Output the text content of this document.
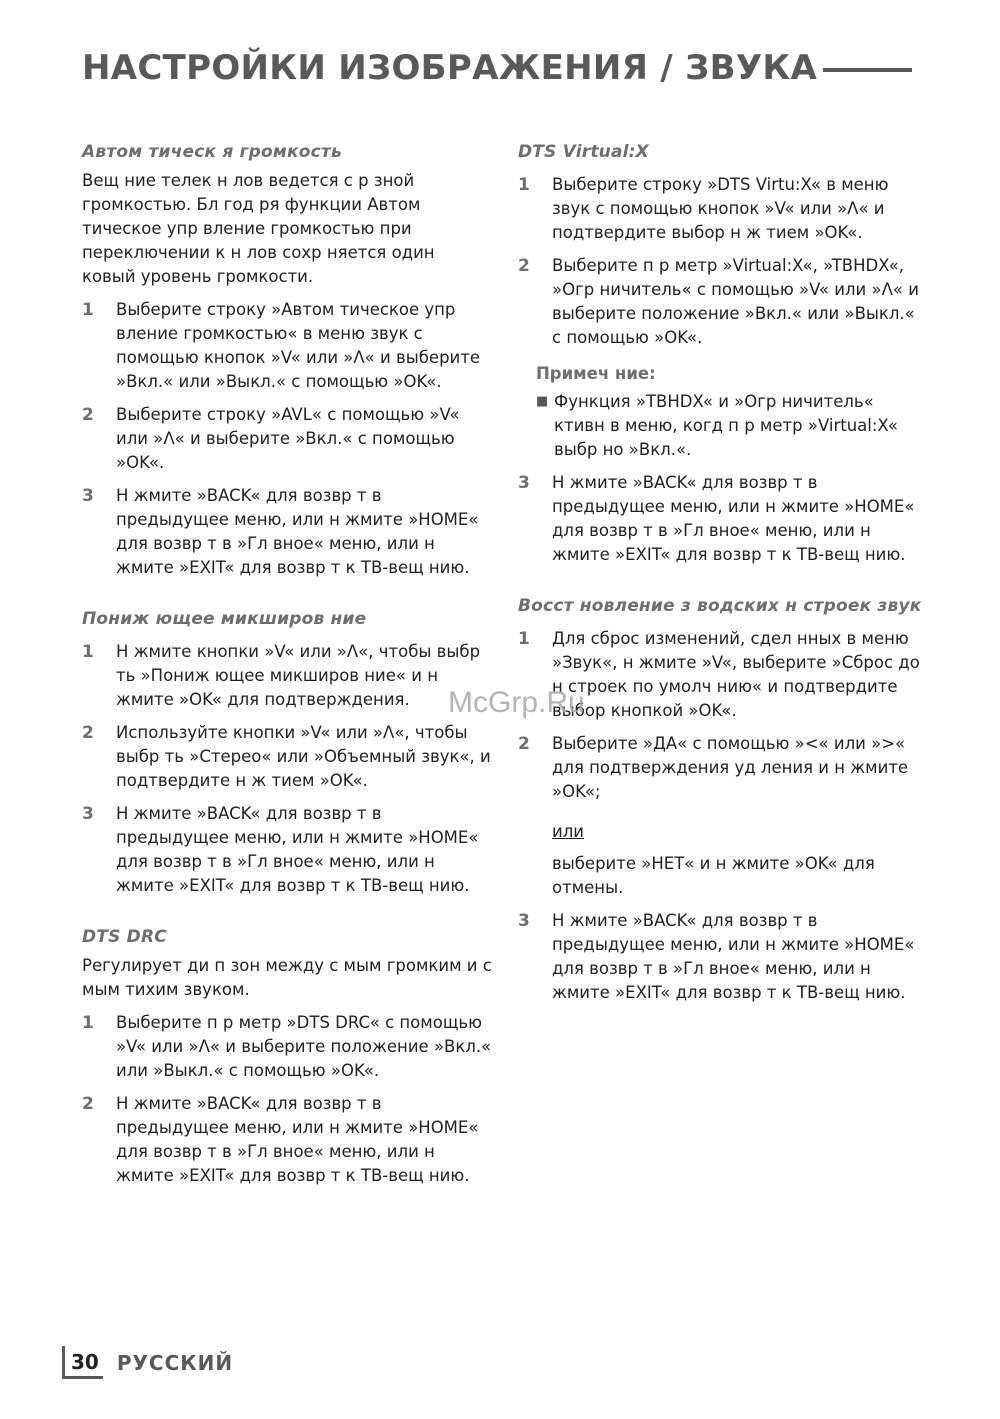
НАСТРОЙКИ ИЗОБРАЖЕНИЯ / ЗВУКА
Автом тическ я громкость
Вещ ние телек н лов ведется с р зной громкостью. Бл год ря функции Автом тическое упр вление громкостью при переключении к н лов сохр няется один ковый уровень громкости.
1	Выберите строку »Автом тическое упр вление громкостью« в меню звук с помощью кнопок »V« или »Λ« и выберите »Вкл.« или »Выкл.« с помощью »OK«.
2	Выберите строку »AVL« с помощью »V« или »Λ« и выберите »Вкл.« с помощью »OK«.
3	Н жмите »BACK« для возвр т в предыдущее меню, или н жмите »HOME« для возвр т в »Гл вное« меню, или н жмите »EXIT« для возвр т к ТВ-вещ нию.
Пониж ющее микширов ние
1	Н жмите кнопки »V« или »Λ«, чтобы выбр ть »Пониж ющее микширов ние« и н жмите »OK« для подтверждения.
2	Используйте кнопки »V« или »Λ«, чтобы выбр ть »Стерео« или »Объемный звук«, и подтвердите н ж тием »OK«.
3	Н жмите »BACK« для возвр т в предыдущее меню, или н жмите »HOME« для возвр т в »Гл вное« меню, или н жмите »EXIT« для возвр т к ТВ-вещ нию.
DTS DRC
Регулирует ди п зон между с мым громким и с мым тихим звуком.
1	Выберите п р метр »DTS DRC« с помощью »V« или »Λ« и выберите положение »Вкл.« или »Выкл.« с помощью »OK«.
2	Н жмите »BACK« для возвр т в предыдущее меню, или н жмите »HOME« для возвр т в »Гл вное« меню, или н жмите »EXIT« для возвр т к ТВ-вещ нию.
DTS Virtual:X
1	Выберите строку »DTS Virtu:X« в меню звук с помощью кнопок »V« или »Λ« и подтвердите выбор н ж тием »OK«.
2	Выберите п р метр »Virtual:X«, »TBHDX«, »Огр ничитель« с помощью »V« или »Λ« и выберите положение »Вкл.« или »Выкл.« с помощью »OK«.
Примеч ние:
■ Функция »TBHDX« и »Огр ничитель« ктивн в меню, когд п р метр »Virtual:X« выбр но »Вкл.«.
3	Н жмите »BACK« для возвр т в предыдущее меню, или н жмите »HOME« для возвр т в »Гл вное« меню, или н жмите »EXIT« для возвр т к ТВ-вещ нию.
Восст новление з водских н строек звук
1	Для сброс изменений, сдел нных в меню »Звук«, н жмите »V«, выберите »Сброс до н строек по умолч нию« и подтвердите выбор кнопкой »OK«.
2	Выберите »ДА« с помощью »<« или »>« для подтверждения уд ления и н жмите »OK«;
или
выберите »НЕТ« и н жмите »OK« для отмены.
3	Н жмите »BACK« для возвр т в предыдущее меню, или н жмите »HOME« для возвр т в »Гл вное« меню, или н жмите »EXIT« для возвр т к ТВ-вещ нию.
McGrp.Ru
30 РУССКИЙ
